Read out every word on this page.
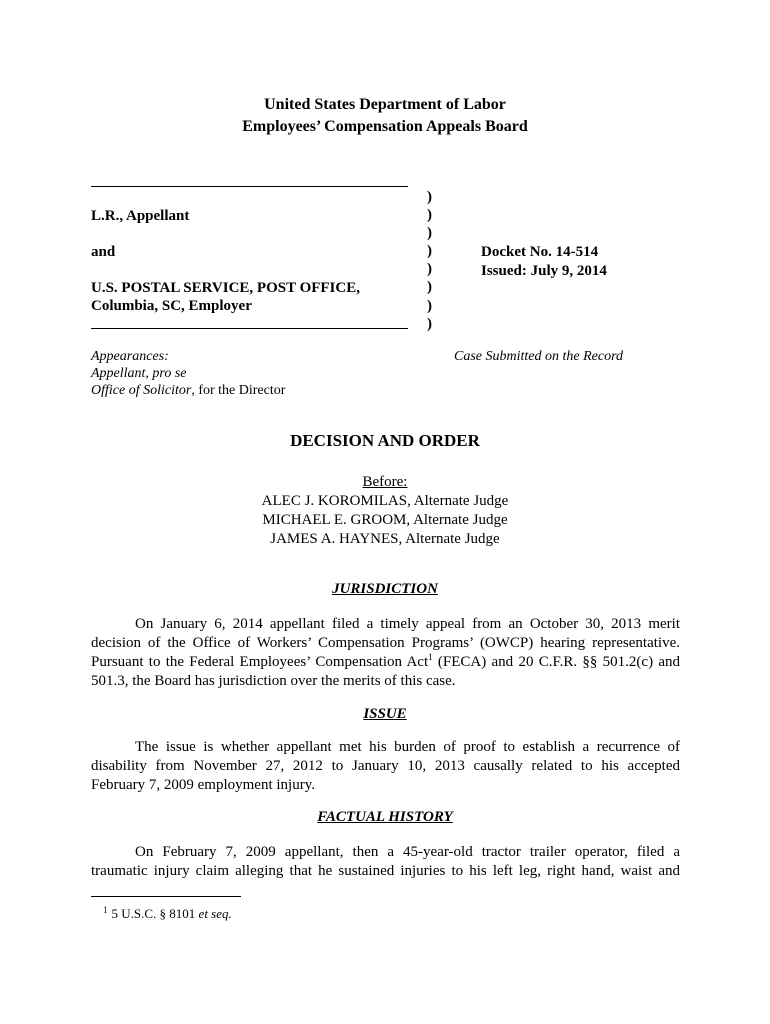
United States Department of Labor
Employees’ Compensation Appeals Board
L.R., Appellant
and
U.S. POSTAL SERVICE, POST OFFICE,
Columbia, SC, Employer
)
)
)
)
)
)
)
)
Docket No. 14-514
Issued: July 9, 2014
Appearances:
Appellant, pro se
Office of Solicitor, for the Director
Case Submitted on the Record
DECISION AND ORDER
Before:
ALEC J. KOROMILAS, Alternate Judge
MICHAEL E. GROOM, Alternate Judge
JAMES A. HAYNES, Alternate Judge
JURISDICTION
On January 6, 2014 appellant filed a timely appeal from an October 30, 2013 merit
decision of the Office of Workers’ Compensation Programs’ (OWCP) hearing representative.
Pursuant to the Federal Employees’ Compensation Act$^1$ (FECA) and 20 C.F.R. §§ 501.2(c) and
501.3, the Board has jurisdiction over the merits of this case.
ISSUE
The issue is whether appellant met his burden of proof to establish a recurrence of
disability from November 27, 2012 to January 10, 2013 causally related to his accepted
February 7, 2009 employment injury.
FACTUAL HISTORY
On February 7, 2009 appellant, then a 45-year-old tractor trailer operator, filed a
traumatic injury claim alleging that he sustained injuries to his left leg, right hand, waist and
$^1$ 5 U.S.C. § 8101 et seq.
